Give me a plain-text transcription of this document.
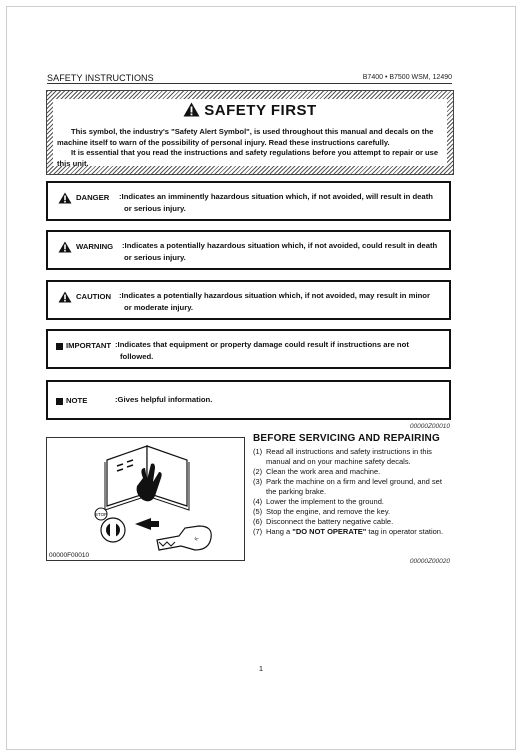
SAFETY INSTRUCTIONS	B7400 • B7500 WSM, 12490
SAFETY FIRST

This symbol, the industry's "Safety Alert Symbol", is used throughout this manual and decals on the machine itself to warn of the possibility of personal injury. Read these instructions carefully.

It is essential that you read the instructions and safety regulations before you attempt to repair or use this unit.

DANGER :Indicates an imminently hazardous situation which, if not avoided, will result in death
or serious injury.
WARNING :Indicates a potentially hazardous situation which, if not avoided, could result in death
or serious injury.
CAUTION :Indicates a potentially hazardous situation which, if not avoided, may result in minor
or moderate injury.
IMPORTANT :Indicates that equipment or property damage could result if instructions are not
followed.
NOTE	:Gives helpful information.
00000Z00010
STOP
K
00000F00010
BEFORE SERVICING AND REPAIRING
(1) Read all instructions and safety instructions in this manual and on your machine safety decals.
(2) Clean the work area and machine.
(3) Park the machine on a firm and level ground, and set the parking brake.
(4) Lower the implement to the ground.
(5) Stop the engine, and remove the key.
(6) Disconnect the battery negative cable.
(7) Hang a "DO NOT OPERATE" tag in operator station.
00000Z00020
1
